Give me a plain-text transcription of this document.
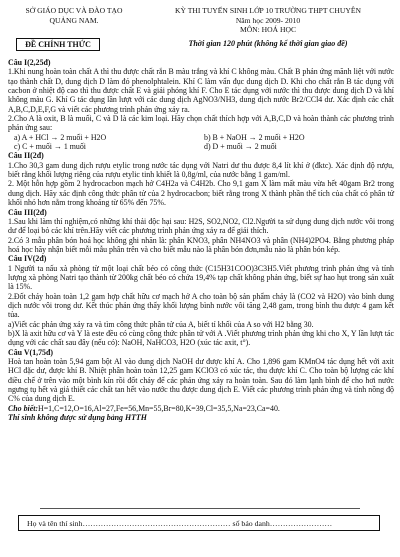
SỞ GIÁO DỤC VÀ ĐÀO TẠO
QUẢNG NAM.
KỲ THI TUYỂN SINH LỚP 10 TRƯỜNG THPT CHUYÊN
Năm học 2009- 2010
MÔN: HOÁ HỌC
ĐỀ CHÍNH THỨC	Thời gian 120 phút (không kể thời gian giao đề)

Câu I(2,25đ)

1.Khi nung hoàn toàn chất A thì thu được chất rắn B màu trắng và khí C không màu. Chất B phản ứng mãnh liệt với nước tạo thành chất D, dung dịch D làm đỏ phenolphtalein. Khí C làm vẩn đục dung dịch D. Khi cho chất rắn B tác dụng với cacbon ở nhiệt độ cao thì thu được chất E và giải phóng khí F. Cho E tác dụng với nước thì thu được dung dịch D và khí không màu G. Khí G tác dụng lần lượt với các dung dịch AgNO3/NH3, dung dịch nước Br2/CCl4 dư. Xác định các chất A,B,C,D,E,F,G và viết các phương trình phản ứng xảy ra.

2.Cho A là oxit, B là muối, C và D là các kim loại. Hãy chọn chất thích hợp với A,B,C,D và hoàn thành các phương trình phản ứng sau:

a) A + HCl → 2 muối + H2O	b) B + NaOH → 2 muối + H2O
c) C + muối → 1 muối	d) D + muối → 2 muối

Câu II(2đ)

1.Cho 30,3 gam dung dịch rượu etylic trong nước tác dụng với Natri dư thu được 8,4 lít khí ở (đktc). Xác định độ rượu, biết rằng khối lượng riêng của rượu etylic tinh khiết là 0,8g/ml, của nước bằng 1 gam/ml.

2. Một hỗn hợp gồm 2 hydrocacbon mạch hở C4H2a và C4H2b. Cho 9,1 gam X làm mất màu vừa hết 40gam Br2 trong dung dịch. Hãy xác định công thức phân tử của 2 hydrocacbon; biết rằng trong X thành phần thể tích của chất có phân tử khối nhỏ hơn nằm trong khoảng từ 65% đến 75%.

Câu III(2đ)

1.Sau khi làm thí nghiệm,có những khí thải độc hại sau: H2S, SO2,NO2, Cl2.Người ta sử dụng dung dịch nước vôi trong dư để loại bỏ các khí trên.Hãy viết các phương trình phản ứng xảy ra để giải thích.

2.Có 3 mẫu phân bón hoá học không ghi nhãn là: phân KNO3, phân NH4NO3 và phân (NH4)2PO4. Bằng phương pháp hoá học hãy nhận biết mỗi mẫu phân trên và cho biết mẫu nào là phân bón đơn,mẫu nào là phân bón kép.

Câu IV(2đ)

1 Người ta nấu xà phòng từ một loại chất béo có công thức (C15H31COO)3C3H5.Viết phương trình phản ứng và tính lượng xà phòng Natri tạo thành từ 200kg chất béo có chứa 19,4% tạp chất không phản ứng, biết sự hao hụt trong sản xuất là 15%.

2.Đốt cháy hoàn toàn 1,2 gam hợp chất hữu cơ mạch hở A cho toàn bộ sản phẩm cháy là (CO2 và H2O) vào bình dung dịch nước vôi trong dư. Kết thúc phản ứng thấy khối lượng bình nước vôi tăng 2,48 gam, trong bình thu được 4 gam kết tủa.

a)Viết các phản ứng xảy ra và tìm công thức phân tử của A, biết tỉ khối của A so với H2 bằng 30.

b)X là axit hữu cơ và Y là este đều có cùng công thức phân tử với A .Viết phương trình phản ứng khi cho X, Y lần lượt tác dụng với các chất sau đây (nếu có): NaOH, NaHCO3, H2O (xúc tác axit, t°).

Câu V(1,75đ)

Hoà tan hoàn toàn 5,94 gam bột Al vào dung dịch NaOH dư được khí A. Cho 1,896 gam KMnO4 tác dụng hết với axit HCl đặc dư, được khí B. Nhiệt phân hoàn toàn 12,25 gam KClO3 có xúc tác, thu được khí C. Cho toàn bộ lượng các khí điều chế ở trên vào một bình kín rồi đốt cháy để các phản ứng xảy ra hoàn toàn. Sau đó làm lạnh bình để cho hơi nước ngưng tụ hết và giả thiết các chất tan hết vào nước thu được dung dịch E. Viết các phương trình phản ứng và tính nồng độ C% của dung dịch E.

Cho biết:H=1,C=12,O=16,Al=27,Fe=56,Mn=55,Br=80,K=39,Cl=35,5,Na=23,Ca=40.

Thí sinh không được sử dụng bảng HTTH

Họ và tên thí sinh………………………………………………… số báo danh……………………
